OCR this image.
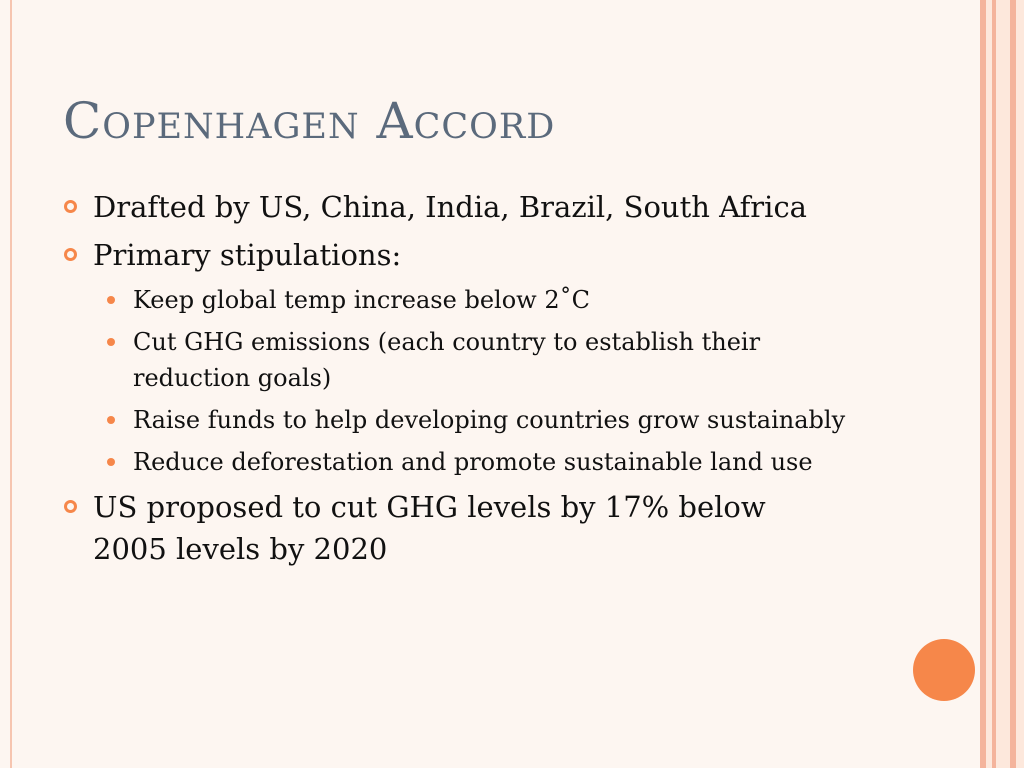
Copenhagen Accord
Drafted by US, China, India, Brazil, South Africa
Primary stipulations:
Keep global temp increase below 2˚C
Cut GHG emissions (each country to establish their reduction goals)
Raise funds to help developing countries grow sustainably
Reduce deforestation and promote sustainable land use
US proposed to cut GHG levels by 17% below 2005 levels by 2020
